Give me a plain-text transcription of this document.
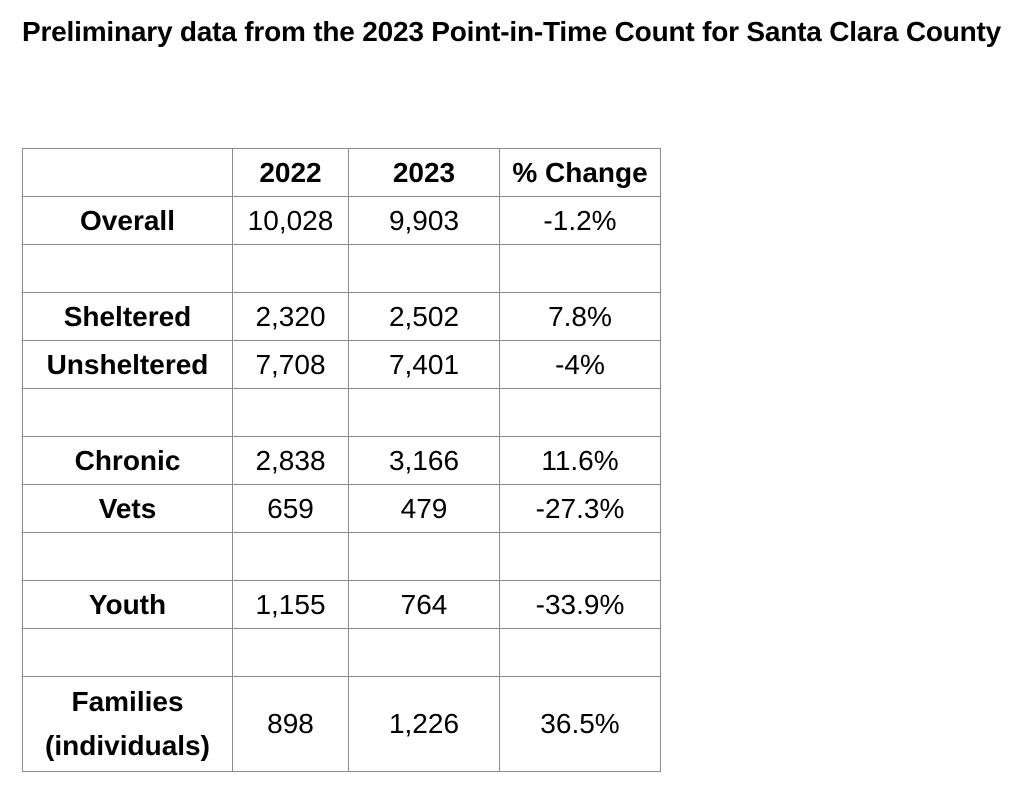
Preliminary data from the 2023 Point-in-Time Count for Santa Clara County
	2022	2023	% Change
Overall	10,028	9,903	-1.2%

Sheltered	2,320	2,502	7.8%
Unsheltered	7,708	7,401	-4%

Chronic	2,838	3,166	11.6%
Vets	659	479	-27.3%

Youth	1,155	764	-33.9%

Families
(individuals)	898	1,226	36.5%
